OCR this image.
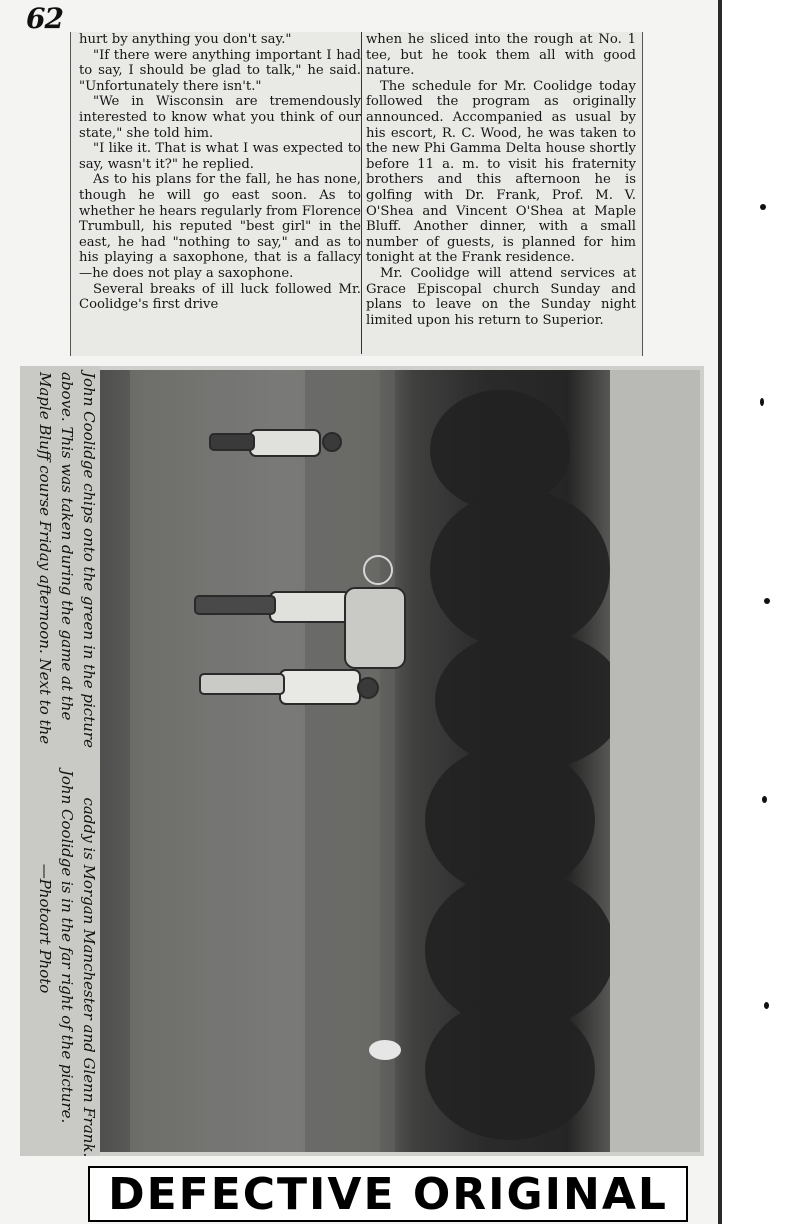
62

hurt by anything you don't say."

"If there were anything important I had to say, I should be glad to talk," he said. "Unfortunately there isn't."

"We in Wisconsin are tremendously interested to know what you think of our state," she told him.

"I like it. That is what I was expected to say, wasn't it?" he replied.

As to his plans for the fall, he has none, though he will go east soon. As to whether he hears regularly from Florence Trumbull, his reputed "best girl" in the east, he had "nothing to say," and as to his playing a saxophone, that is a fallacy—he does not play a saxophone.

Several breaks of ill luck followed Mr. Coolidge's first drive

when he sliced into the rough at No. 1 tee, but he took them all with good nature.

The schedule for Mr. Coolidge today followed the program as originally announced. Accompanied as usual by his escort, R. C. Wood, he was taken to the new Phi Gamma Delta house shortly before 11 a. m. to visit his fraternity brothers and this afternoon he is golfing with Dr. Frank, Prof. M. V. O'Shea and Vincent O'Shea at Maple Bluff. Another dinner, with a small number of guests, is planned for him tonight at the Frank residence.

Mr. Coolidge will attend services at Grace Episcopal church Sunday and plans to leave on the Sunday night limited upon his return to Superior.

John Coolidge chips onto the green in the picture  caddy is Morgan Manchester and Glenn Frank.
above. This was taken during the game at the  John Coolidge is in the far right of the picture.
Maple Bluff course Friday afternoon. Next to the  —Photoart Photo
DEFECTIVE ORIGINAL
